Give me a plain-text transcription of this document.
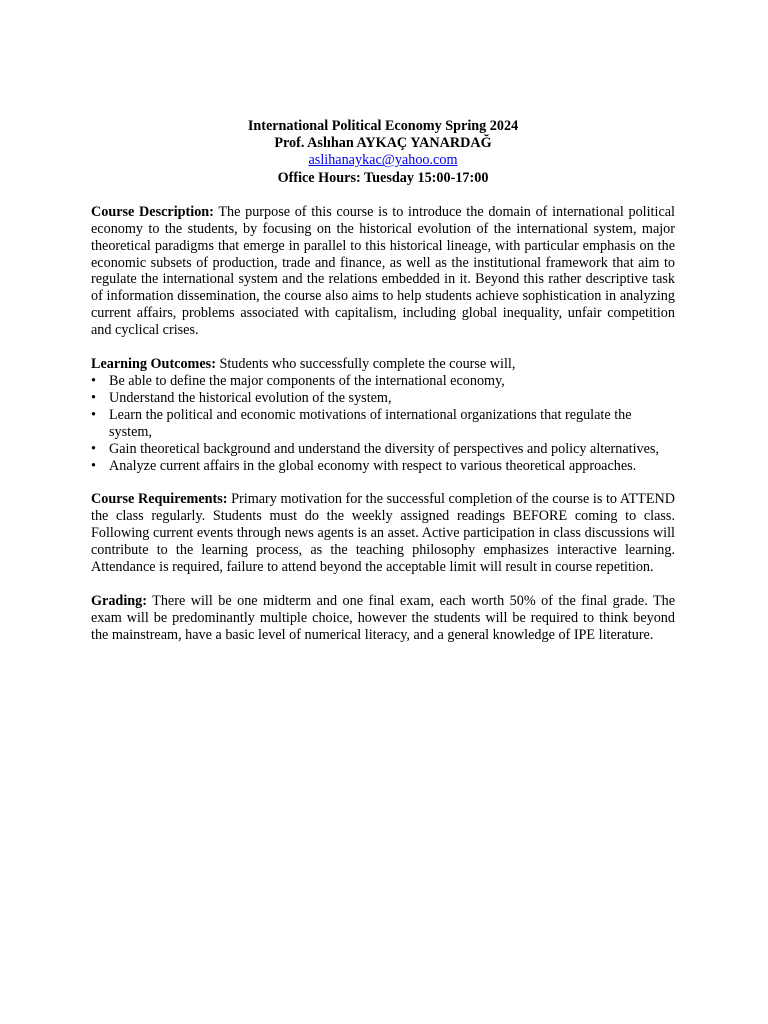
International Political Economy Spring 2024
Prof. Aslıhan AYKAÇ YANARDAĞ
aslihanaykac@yahoo.com
Office Hours: Tuesday 15:00-17:00

Course Description: The purpose of this course is to introduce the domain of international political economy to the students, by focusing on the historical evolution of the international system, major theoretical paradigms that emerge in parallel to this historical lineage, with particular emphasis on the economic subsets of production, trade and finance, as well as the institutional framework that aim to regulate the international system and the relations embedded in it. Beyond this rather descriptive task of information dissemination, the course also aims to help students achieve sophistication in analyzing current affairs, problems associated with capitalism, including global inequality, unfair competition and cyclical crises.

Learning Outcomes: Students who successfully complete the course will,

• Be able to define the major components of the international economy,
• Understand the historical evolution of the system,
• Learn the political and economic motivations of international organizations that regulate the system,
• Gain theoretical background and understand the diversity of perspectives and policy alternatives,
• Analyze current affairs in the global economy with respect to various theoretical approaches.

Course Requirements: Primary motivation for the successful completion of the course is to ATTEND the class regularly. Students must do the weekly assigned readings BEFORE coming to class. Following current events through news agents is an asset. Active participation in class discussions will contribute to the learning process, as the teaching philosophy emphasizes interactive learning. Attendance is required, failure to attend beyond the acceptable limit will result in course repetition.

Grading: There will be one midterm and one final exam, each worth 50% of the final grade. The exam will be predominantly multiple choice, however the students will be required to think beyond the mainstream, have a basic level of numerical literacy, and a general knowledge of IPE literature.
